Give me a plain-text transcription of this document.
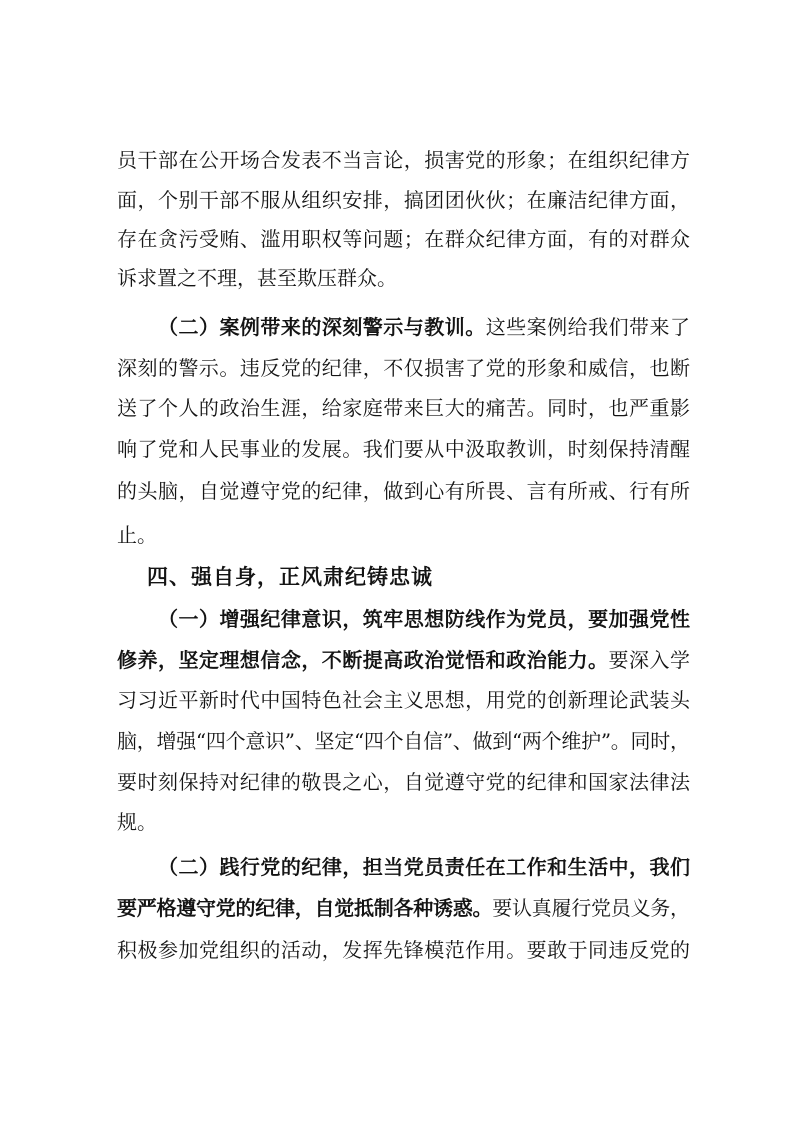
员干部在公开场合发表不当言论，损害党的形象；在组织纪律方
面，个别干部不服从组织安排，搞团团伙伙；在廉洁纪律方面，
存在贪污受贿、滥用职权等问题；在群众纪律方面，有的对群众
诉求置之不理，甚至欺压群众。
（二）案例带来的深刻警示与教训。这些案例给我们带来了
深刻的警示。违反党的纪律，不仅损害了党的形象和威信，也断
送了个人的政治生涯，给家庭带来巨大的痛苦。同时，也严重影
响了党和人民事业的发展。我们要从中汲取教训，时刻保持清醒
的头脑，自觉遵守党的纪律，做到心有所畏、言有所戒、行有所
止。
四、强自身，正风肃纪铸忠诚
（一）增强纪律意识，筑牢思想防线作为党员，要加强党性
修养，坚定理想信念，不断提高政治觉悟和政治能力。要深入学
习习近平新时代中国特色社会主义思想，用党的创新理论武装头
脑，增强“四个意识”、坚定“四个自信”、做到“两个维护”。同时，
要时刻保持对纪律的敬畏之心，自觉遵守党的纪律和国家法律法
规。
（二）践行党的纪律，担当党员责任在工作和生活中，我们
要严格遵守党的纪律，自觉抵制各种诱惑。要认真履行党员义务，
积极参加党组织的活动，发挥先锋模范作用。要敢于同违反党的
